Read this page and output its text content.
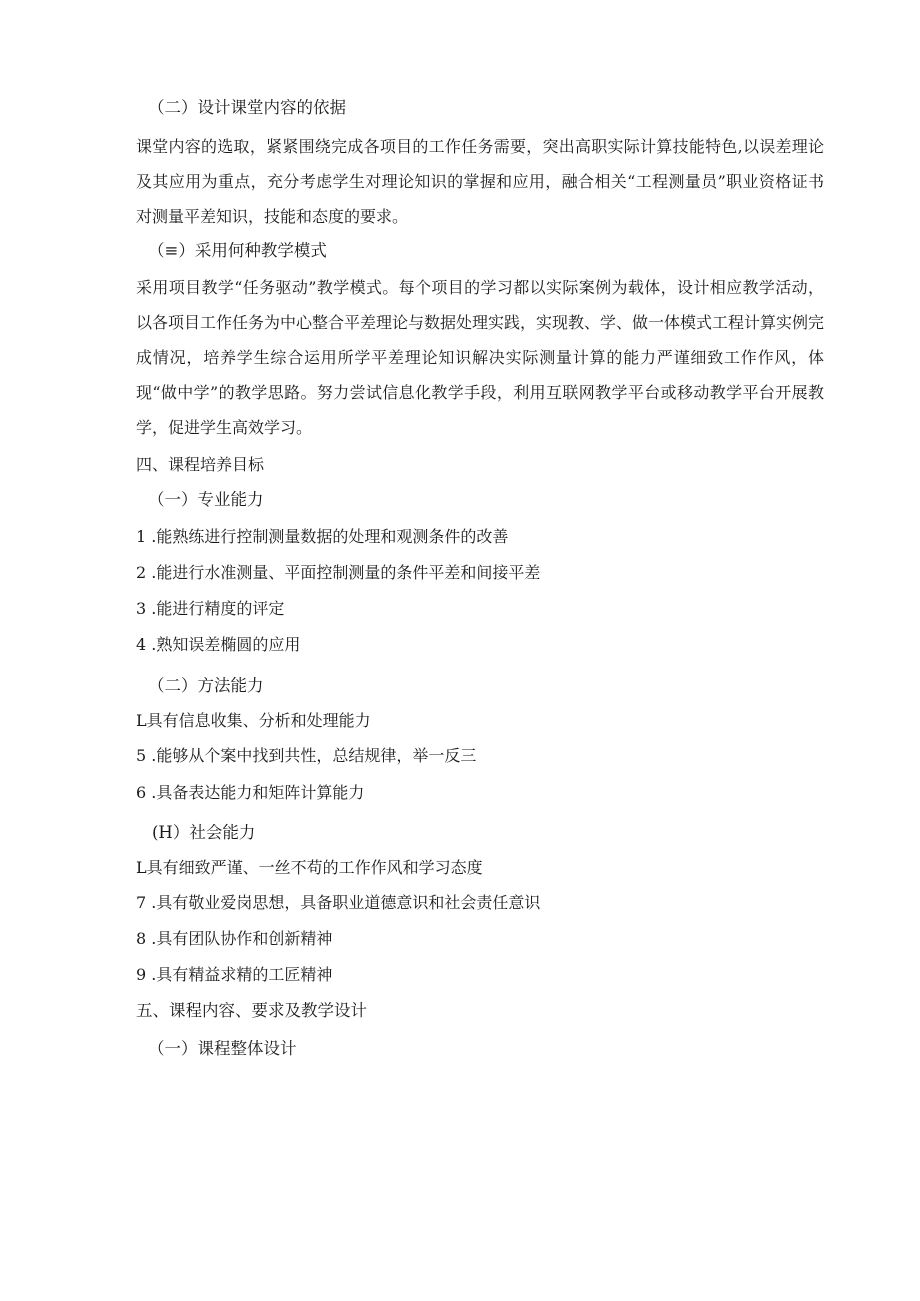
（二）设计课堂内容的依据
课堂内容的选取，紧紧围绕完成各项目的工作任务需要，突出高职实际计算技能特色,以误差理论及其应用为重点，充分考虑学生对理论知识的掌握和应用，融合相关“工程测量员”职业资格证书对测量平差知识，技能和态度的要求。
（≡）采用何种教学模式
采用项目教学“任务驱动”教学模式。每个项目的学习都以实际案例为载体，设计相应教学活动，以各项目工作任务为中心整合平差理论与数据处理实践，实现教、学、做一体模式工程计算实例完成情况，培养学生综合运用所学平差理论知识解决实际测量计算的能力严谨细致工作作风，体现“做中学”的教学思路。努力尝试信息化教学手段，利用互联网教学平台或移动教学平台开展教学，促进学生高效学习。
四、课程培养目标
（一）专业能力
1 .能熟练进行控制测量数据的处理和观测条件的改善
2 .能进行水准测量、平面控制测量的条件平差和间接平差
3 .能进行精度的评定
4 .熟知误差椭圆的应用
（二）方法能力
L具有信息收集、分析和处理能力
5 .能够从个案中找到共性，总结规律，举一反三
6 .具备表达能力和矩阵计算能力
(H）社会能力
L具有细致严谨、一丝不苟的工作作风和学习态度
7 .具有敬业爱岗思想，具备职业道德意识和社会责任意识
8 .具有团队协作和创新精神
9 .具有精益求精的工匠精神
五、课程内容、要求及教学设计
（一）课程整体设计
